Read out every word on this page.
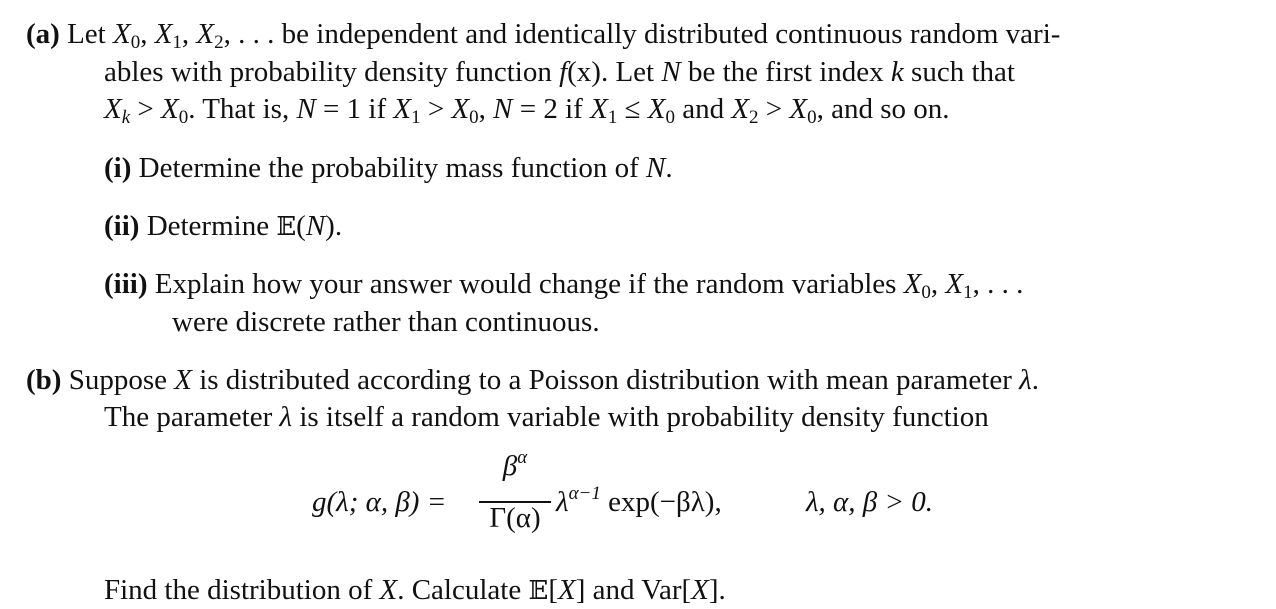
(a) Let $X_0$, $X_1$, $X_2$, . . . be independent and identically distributed continuous random vari-
ables with probability density function f(x). Let N be the first index k such that
$X_k > X_0$. That is, N = 1 if $X_1 > X_0$, N = 2 if $X_1 \le X_0$ and $X_2 > X_0$, and so on.
(i) Determine the probability mass function of N.
(ii) Determine 𝔼(N).
(iii) Explain how your answer would change if the random variables $X_0$, $X_1$, . . .
were discrete rather than continuous.
(b) Suppose X is distributed according to a Poisson distribution with mean parameter λ.
The parameter λ is itself a random variable with probability density function
g(λ; α, β) =
$\beta^\alpha$
Γ(α) $\lambda^{\alpha-1}$ exp(−βλ),	λ, α, β > 0.
Find the distribution of X. Calculate 𝔼[X] and Var[X].
